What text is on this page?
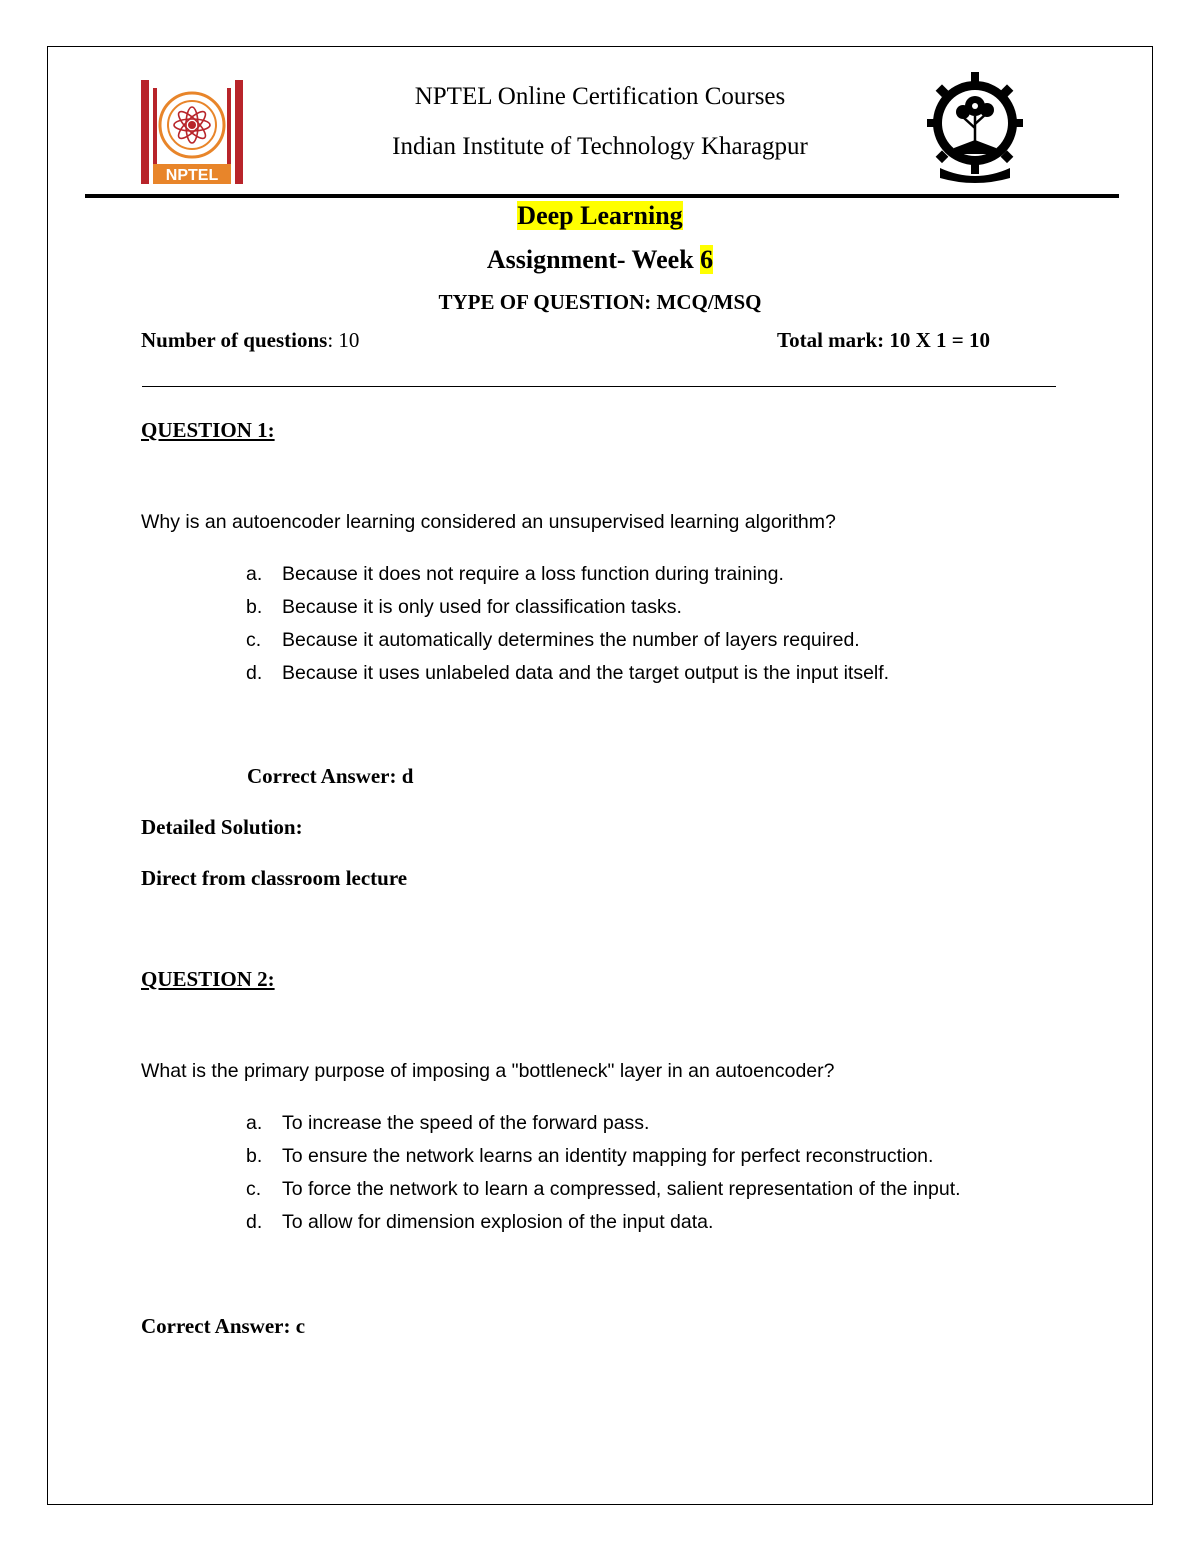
NPTEL
NPTEL Online Certification Courses
Indian Institute of Technology Kharagpur
Deep Learning
Assignment- Week 6
TYPE OF QUESTION: MCQ/MSQ
Number of questions: 10	Total mark: 10 X 1 = 10
QUESTION 1:
Why is an autoencoder learning considered an unsupervised learning algorithm?
a. Because it does not require a loss function during training.
b. Because it is only used for classification tasks.
c. Because it automatically determines the number of layers required.
d. Because it uses unlabeled data and the target output is the input itself.
Correct Answer: d
Detailed Solution:
Direct from classroom lecture
QUESTION 2:
What is the primary purpose of imposing a "bottleneck" layer in an autoencoder?
a. To increase the speed of the forward pass.
b. To ensure the network learns an identity mapping for perfect reconstruction.
c. To force the network to learn a compressed, salient representation of the input.
d. To allow for dimension explosion of the input data.
Correct Answer: c
